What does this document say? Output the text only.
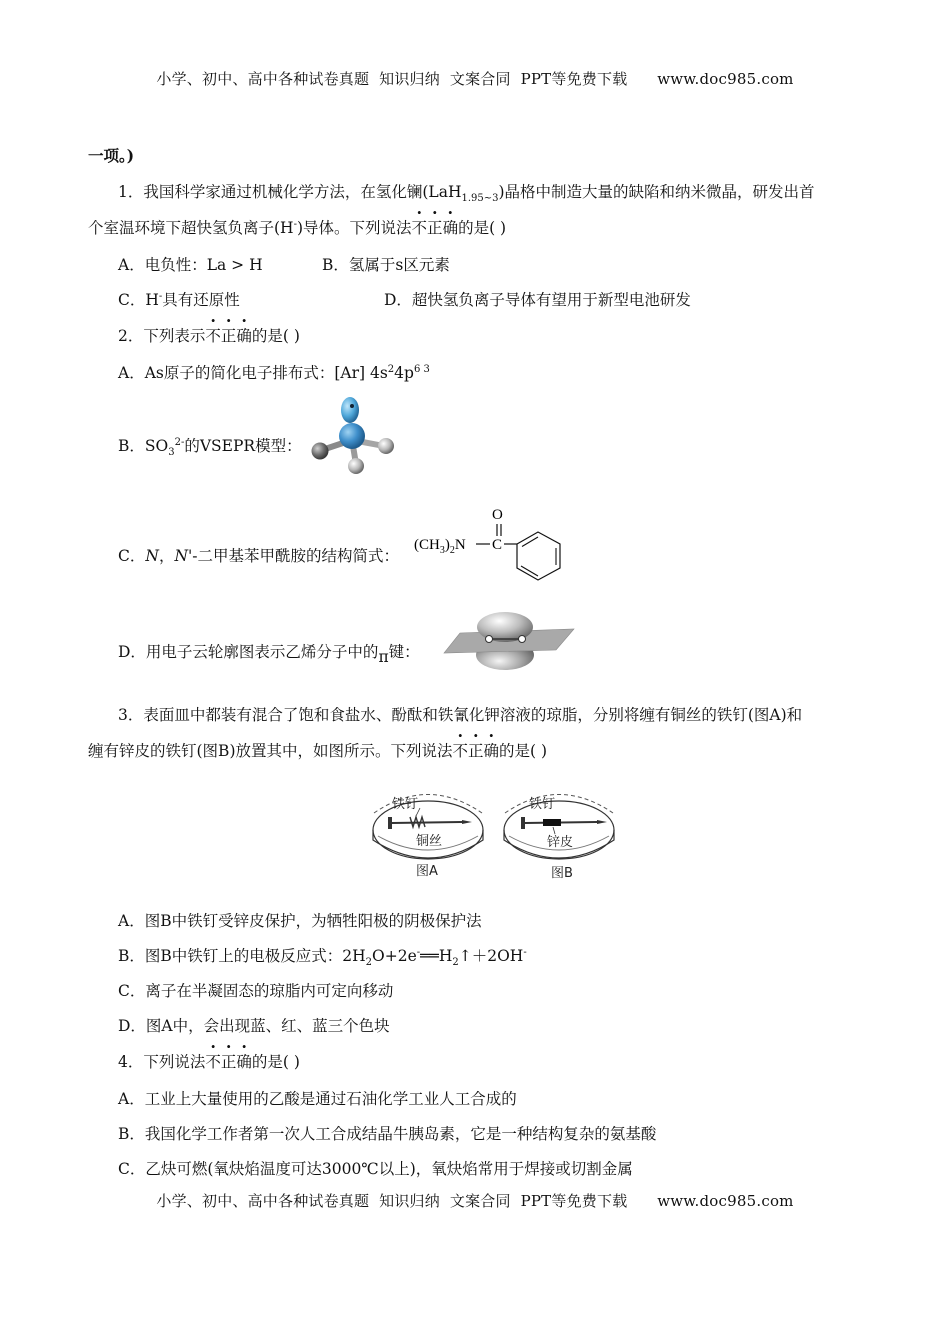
小学、初中、高中各种试卷真题  知识归纳  文案合同  PPT等免费下载      www.doc985.com
一项。)
1．我国科学家通过机械化学方法，在氢化镧(LaH$_{1.95\sim 3}$)晶格中制造大量的缺陷和纳米微晶，研发出首
个室温环境下超快氢负离子(H-)导体。下列说法不正确的是( )
A．电负性：La > H	B．氢属于s区元素
C．H-具有还原性	D．超快氢负离子导体有望用于新型电池研发
2．下列表示不正确的是( )
A．As原子的简化电子排布式：[Ar] $4s^24p^{6 3}$
B．$SO_3^{2-}$的VSEPR模型：
C．N，N'-二甲基苯甲酰胺的结构简式：
O
$(CH_3)_2N$ C
D．用电子云轮廓图表示乙烯分子中的π键：
3．表面皿中都装有混合了饱和食盐水、酚酞和铁氰化钾溶液的琼脂，分别将缠有铜丝的铁钉(图A)和
缠有锌皮的铁钉(图B)放置其中，如图所示。下列说法不正确的是( )
铁钉
铜丝
图A
铁钉
锌皮
图B
A．图B中铁钉受锌皮保护，为牺牲阳极的阴极保护法
B．图B中铁钉上的电极反应式：$2H_2O+2e^-══H_2↑+2OH^-$
C．离子在半凝固态的琼脂内可定向移动
D．图A中，会出现蓝、红、蓝三个色块
4．下列说法不正确的是( )
A．工业上大量使用的乙酸是通过石油化学工业人工合成的
B．我国化学工作者第一次人工合成结晶牛胰岛素，它是一种结构复杂的氨基酸
C．乙炔可燃(氧炔焰温度可达3000℃以上)，氧炔焰常用于焊接或切割金属
小学、初中、高中各种试卷真题  知识归纳  文案合同  PPT等免费下载      www.doc985.com
